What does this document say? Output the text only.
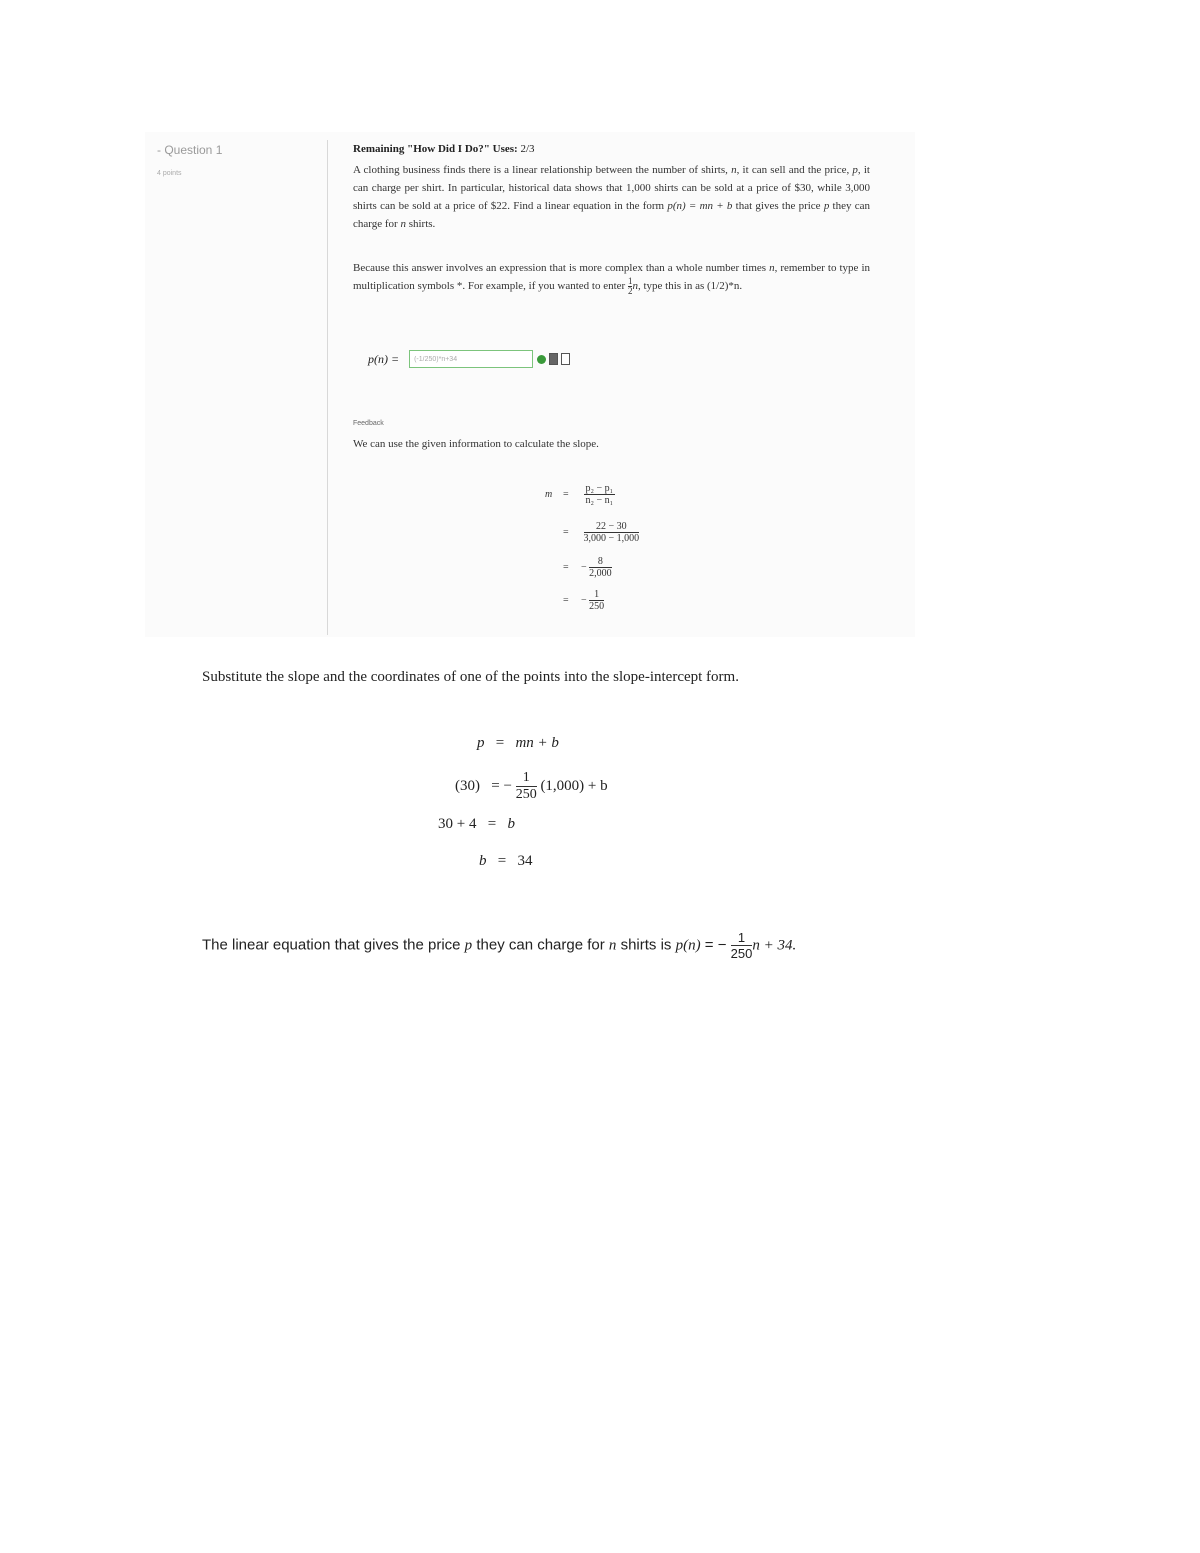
- Question 1
4 points
Remaining "How Did I Do?" Uses: 2/3
A clothing business finds there is a linear relationship between the number of shirts, n, it can sell and the price, p, it can charge per shirt. In particular, historical data shows that 1,000 shirts can be sold at a price of $30, while 3,000 shirts can be sold at a price of $22. Find a linear equation in the form p(n) = mn + b that gives the price p they can charge for n shirts.
Because this answer involves an expression that is more complex than a whole number times n, remember to type in multiplication symbols *. For example, if you wanted to enter $\frac{1}{2} n$, type this in as (1/2)*n.
p(n) =
(-1/250)*n+34
Feedback
We can use the given information to calculate the slope.
$m = \frac{\text{p₂ − p₁}}{\text{n₂ − n₁}}$
= $\frac{22 - 30}{3,000 - 1,000}$
= − $\frac{8}{2,000}$
= − $\frac{1}{250}$
Substitute the slope and the coordinates of one of the points into the slope-intercept form.
p = mn + b
(30) = − $\frac{1}{250} (1,000) + b$
30 + 4 = b
b = 34
The linear equation that gives the price p they can charge for n shirts is p(n) = − $\frac{1}{250}$ n + 34.
